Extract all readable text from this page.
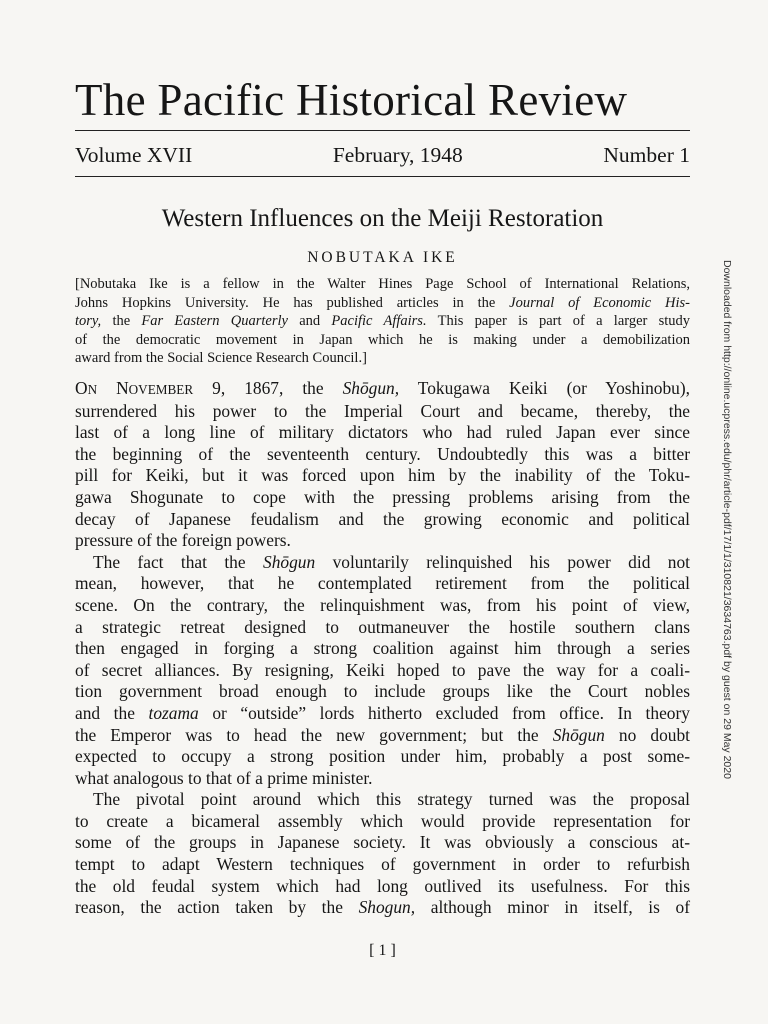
The Pacific Historical Review
Volume XVII	February, 1948	Number 1
Western Influences on the Meiji Restoration
NOBUTAKA IKE
[Nobutaka Ike is a fellow in the Walter Hines Page School of International Relations,
Johns Hopkins University. He has published articles in the Journal of Economic His-
tory, the Far Eastern Quarterly and Pacific Affairs. This paper is part of a larger study
of the democratic movement in Japan which he is making under a demobilization
award from the Social Science Research Council.]
ON NOVEMBER 9, 1867, the Shōgun, Tokugawa Keiki (or Yoshinobu),
surrendered his power to the Imperial Court and became, thereby, the
last of a long line of military dictators who had ruled Japan ever since
the beginning of the seventeenth century. Undoubtedly this was a bitter
pill for Keiki, but it was forced upon him by the inability of the Toku-
gawa Shogunate to cope with the pressing problems arising from the
decay of Japanese feudalism and the growing economic and political
pressure of the foreign powers.
The fact that the Shōgun voluntarily relinquished his power did not
mean, however, that he contemplated retirement from the political
scene. On the contrary, the relinquishment was, from his point of view,
a strategic retreat designed to outmaneuver the hostile southern clans
then engaged in forging a strong coalition against him through a series
of secret alliances. By resigning, Keiki hoped to pave the way for a coali-
tion government broad enough to include groups like the Court nobles
and the tozama or “outside” lords hitherto excluded from office. In theory
the Emperor was to head the new government; but the Shōgun no doubt
expected to occupy a strong position under him, probably a post some-
what analogous to that of a prime minister.
The pivotal point around which this strategy turned was the proposal
to create a bicameral assembly which would provide representation for
some of the groups in Japanese society. It was obviously a conscious at-
tempt to adapt Western techniques of government in order to refurbish
the old feudal system which had long outlived its usefulness. For this
reason, the action taken by the Shogun, although minor in itself, is of
[ 1 ]
Downloaded from http://online.ucpress.edu/phr/article-pdf/17/1/1/310821/3634763.pdf by guest on 29 May 2020
